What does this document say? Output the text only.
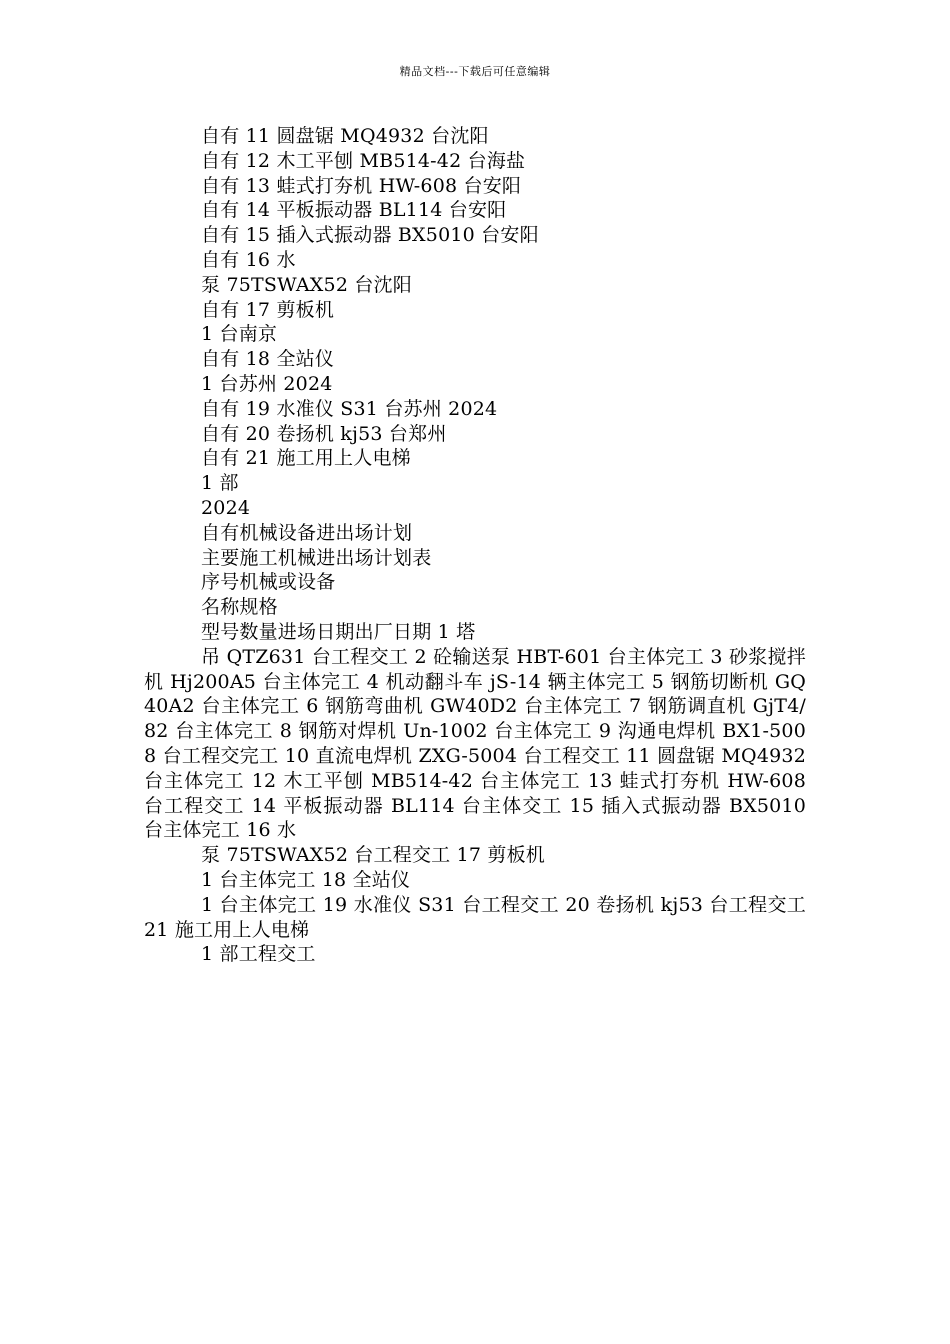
精品文档---下载后可任意编辑
自有 11 圆盘锯 MQ4932 台沈阳
自有 12 木工平刨 MB514-42 台海盐
自有 13 蛙式打夯机 HW-608 台安阳
自有 14 平板振动器 BL114 台安阳
自有 15 插入式振动器 BX5010 台安阳
自有 16 水
泵 75TSWAX52 台沈阳
自有 17 剪板机
1 台南京
自有 18 全站仪
1 台苏州 2024
自有 19 水准仪 S31 台苏州 2024
自有 20 卷扬机 kj53 台郑州
自有 21 施工用上人电梯
1 部
2024
自有机械设备进出场计划
主要施工机械进出场计划表
序号机械或设备
名称规格
型号数量进场日期出厂日期 1 塔
吊 QTZ631 台工程交工 2 砼输送泵 HBT-601 台主体完工 3 砂浆搅拌机 Hj200A5 台主体完工 4 机动翻斗车 jS-14 辆主体完工 5 钢筋切断机 GQ40A2 台主体完工 6 钢筋弯曲机 GW40D2 台主体完工 7 钢筋调直机 GjT4/82 台主体完工 8 钢筋对焊机 Un-1002 台主体完工 9 沟通电焊机 BX1-5008 台工程交完工 10 直流电焊机 ZXG-5004 台工程交工 11 圆盘锯 MQ4932 台主体完工 12 木工平刨 MB514-42 台主体完工 13 蛙式打夯机 HW-608 台工程交工 14 平板振动器 BL114 台主体交工 15 插入式振动器 BX5010 台主体完工 16 水
泵 75TSWAX52 台工程交工 17 剪板机
1 台主体完工 18 全站仪
1 台主体完工 19 水准仪 S31 台工程交工 20 卷扬机 kj53 台工程交工 21 施工用上人电梯
1 部工程交工
